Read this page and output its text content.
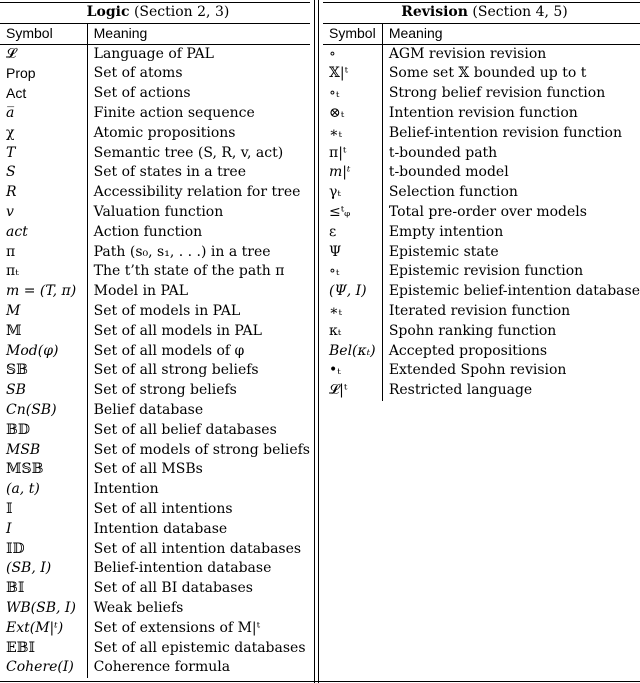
Logic (Section 2, 3)	
Symbol	Meaning
𝓛	Language of PAL
Prop	Set of atoms
Act	Set of actions
a̅	Finite action sequence
χ	Atomic propositions
T	Semantic tree (S, R, v, act)
S	Set of states in a tree
R	Accessibility relation for tree
v	Valuation function
act	Action function
π	Path (s₀, s₁, . . .) in a tree
πₜ	The t’th state of the path π
m = (T, π)	Model in PAL
M	Set of models in PAL
𝕄	Set of all models in PAL
Mod(φ)	Set of all models of φ
𝕊𝔹	Set of all strong beliefs
SB	Set of strong beliefs
Cn(SB)	Belief database
𝔹𝔻	Set of all belief databases
MSB	Set of models of strong beliefs
𝕄𝕊𝔹	Set of all MSBs
(a, t)	Intention
𝕀	Set of all intentions
I	Intention database
𝕀𝔻	Set of all intention databases
(SB, I)	Belief-intention database
𝔹𝕀	Set of all BI databases
WB(SB, I)	Weak beliefs
Ext(M|ᵗ)	Set of extensions of M|ᵗ
𝔼𝔹𝕀	Set of all epistemic databases
Cohere(I)	Coherence formula
Revision (Section 4, 5)	
Symbol	Meaning
∘	AGM revision revision
𝕏|ᵗ	Some set 𝕏 bounded up to t
∘ₜ	Strong belief revision function
⊗ₜ	Intention revision function
∗ₜ	Belief-intention revision function
π|ᵗ	t-bounded path
m|ᵗ	t-bounded model
γₜ	Selection function
≤ᵗᵩ	Total pre-order over models
ε	Empty intention
Ψ	Epistemic state
∘ₜ	Epistemic revision function
(Ψ, I)	Epistemic belief-intention database
∗ₜ	Iterated revision function
κₜ	Spohn ranking function
Bel(κₜ)	Accepted propositions
•ₜ	Extended Spohn revision
𝓛|ᵗ	Restricted language
